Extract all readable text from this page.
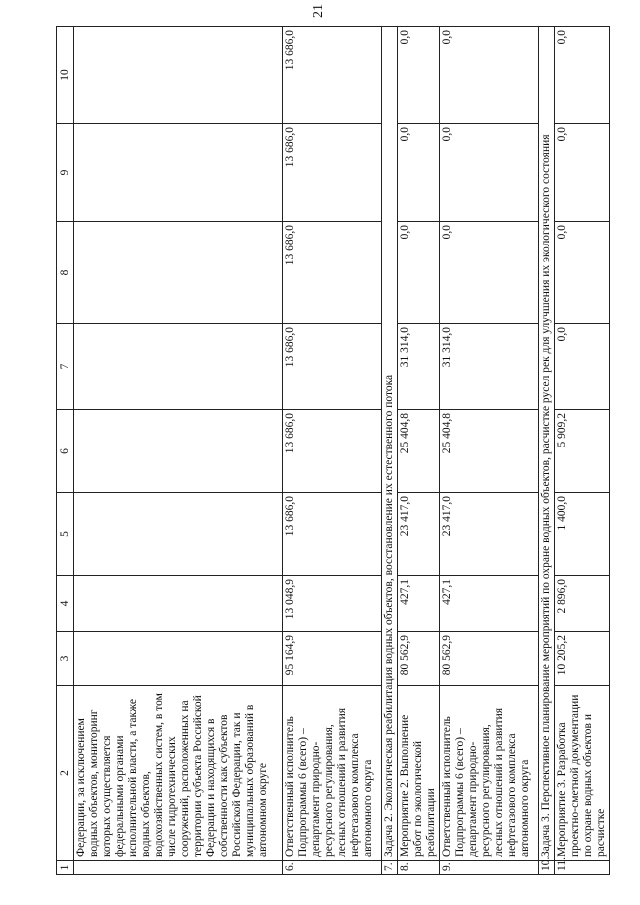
21
1	2	3	4	5	6	7	8	9	10
	Федерации, за исключением водных объектов, мониторинг которых осуществляется федеральными органами исполнительной власти, а также водных объектов, водохозяйственных систем, в том числе гидротехнических сооружений, расположенных на территории субъекта Российской Федерации и находящихся в собственности как субъектов Российской Федерации, так и муниципальных образований в автономном округе								
6.	Ответственный исполнитель Подпрограммы 6 (всего) – департамент природно-ресурсного регулирования, лесных отношений и развития нефтегазового комплекса автономного округа	95 164,9	13 048,9	13 686,0	13 686,0	13 686,0	13 686,0	13 686,0	13 686,0
7.	Задача 2. Экологическая реабилитация водных объектов, восстановление их естественного потока								
8.	Мероприятие 2. Выполнение работ по экологической реабилитации	80 562,9	427,1	23 417,0	25 404,8	31 314,0	0,0	0,0	0,0
9.	Ответственный исполнитель Подпрограммы 6 (всего) – департамент природно-ресурсного регулирования, лесных отношений и развития нефтегазового комплекса автономного округа	80 562,9	427,1	23 417,0	25 404,8	31 314,0	0,0	0,0	0,0
10.	Задача 3. Перспективное планирование мероприятий по охране водных объектов, расчистке русел рек для улучшения их экологического состояния								
11.	Мероприятие 3. Разработка проектно-сметной документации по охране водных объектов и расчистке	10 205,2	2 896,0	1 400,0	5 909,2	0,0	0,0	0,0	0,0
